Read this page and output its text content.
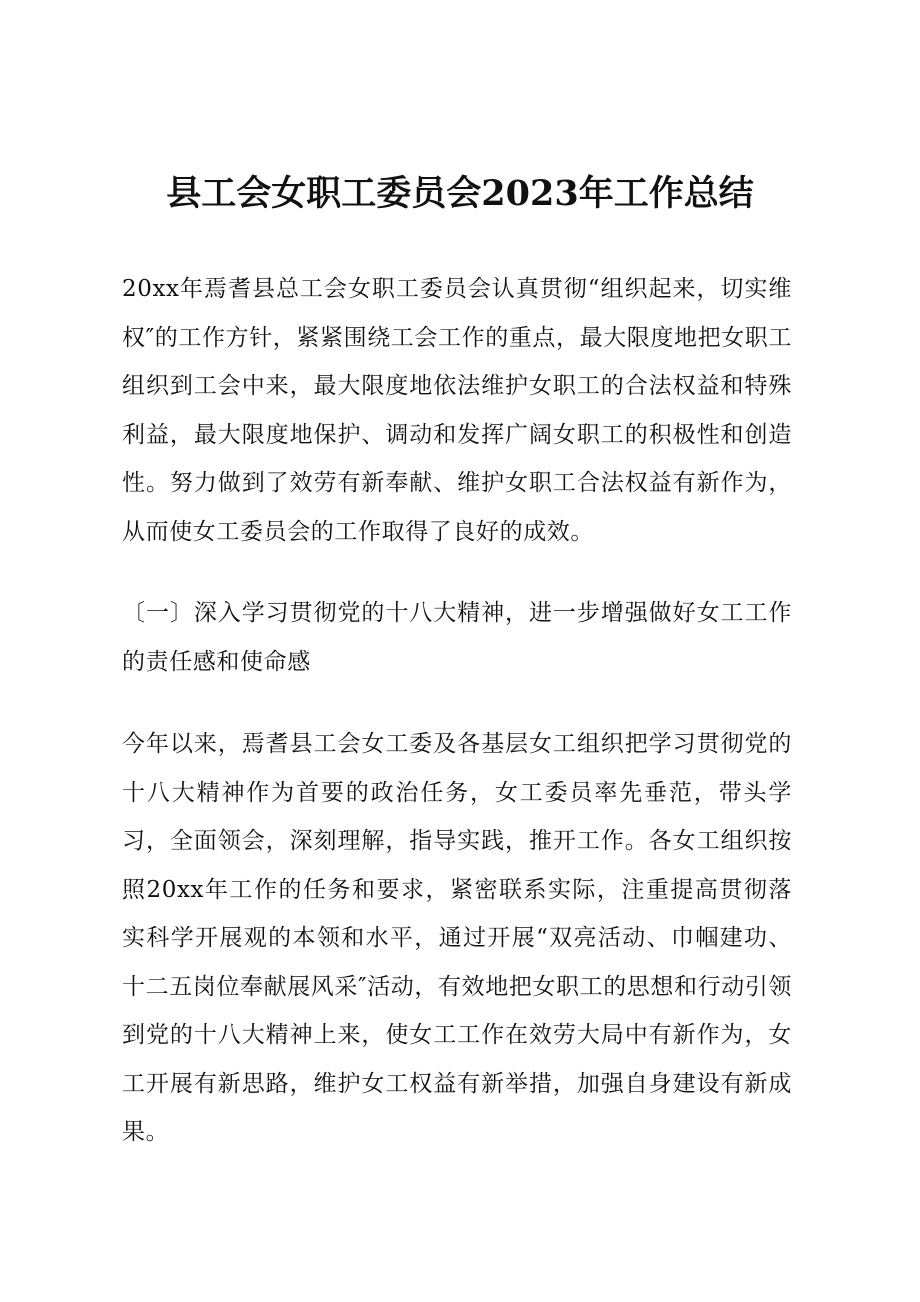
县工会女职工委员会2023年工作总结

20xx年焉耆县总工会女职工委员会认真贯彻“组织起来，切实维权″的工作方针，紧紧围绕工会工作的重点，最大限度地把女职工组织到工会中来，最大限度地依法维护女职工的合法权益和特殊利益，最大限度地保护、调动和发挥广阔女职工的积极性和创造性。努力做到了效劳有新奉献、维护女职工合法权益有新作为，从而使女工委员会的工作取得了良好的成效。

〔一〕深入学习贯彻党的十八大精神，进一步增强做好女工工作的责任感和使命感

今年以来，焉耆县工会女工委及各基层女工组织把学习贯彻党的十八大精神作为首要的政治任务，女工委员率先垂范，带头学习，全面领会，深刻理解，指导实践，推开工作。各女工组织按照20xx年工作的任务和要求，紧密联系实际，注重提高贯彻落实科学开展观的本领和水平，通过开展“双亮活动、巾帼建功、十二五岗位奉献展风采″活动，有效地把女职工的思想和行动引领到党的十八大精神上来，使女工工作在效劳大局中有新作为，女工开展有新思路，维护女工权益有新举措，加强自身建设有新成果。
